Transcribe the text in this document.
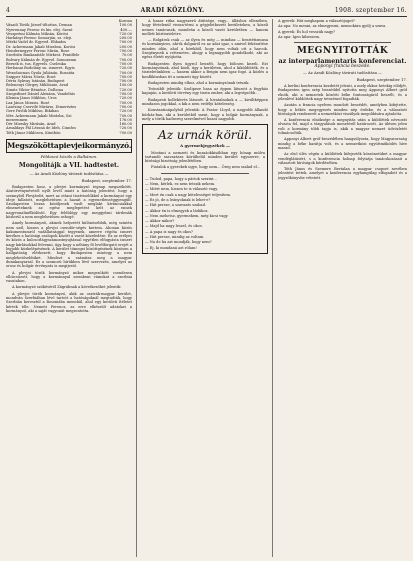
4	ARADI KÖZLÖNY.	1908. szeptember 16.
Korona
Vásadi Török József tiltottas, Deman	100.00
Nyerennay Ferenc és kis. elej. Szent	400.—
Veszprémi Kálmán Miksán, Körösi	720.00
Harkányi Ferenc Somorján, sz. eleji.	200.00
Mérki Vadel dr. Egyved. Ebbadm	700.00
Dr. Ackermann Jakab Mirabon, Korösi	200.00
Hendernegyer Ferenc Mirán, Rose	700.00
Szerbién Bankanitálv Mirkest. Fenidfele	70.00
Bolvary Kálmán dr. Egyvel. Somoramn	700.00
Bersek is. tus. Egyvels. Cselenka	700.00
Herbanai Bodolány sn. ismeret. Egyis	720.00
Wezsdaicnan Gyula Juliánán, Rosnáta	700.00
Snipper Mária Nórás, Rosé	700.00
Dérta Sykvay Istánán, Budapest	700.00
Belenenyi Gőrgey Miklósnie, ávad	100.00
Simits Viktor Béniéne, Dolbona	720.00
Szegedinet Dániel Alexánn, Vandeltás	700.00
Kleinin János Miklósn, Uros	720.00
Lax János Mirasis. Rosé	700.00
Lazéziny Cservilé Mirárzs, Dimeréztes	700.00
Gere Pavlik Miklósn, Bikiban	720.00
Mér. Ackermann Jakab Mirásba, Szi	700.00
mezrenmen	176.00
Dér Mirzsky Mirásán, Arad	160.00
Arnaldays Pál Lézsná de Ideh. Cinnfos	720.00
Tóth Jánoz Miklósen, Küntbön	700.00
Megszököttapievjeikormányzó.
Példaszó közöls a Balkánon.
Mongolitájk a VII. hadtestet.
— Az Aradi Közlöny távirati tudósítása —
Budapest, szeptember 17.

Budapesten hosz, a plevjei kormányzó tegnap megszököttt. Atatörvénynévéről nyílt levél miatt a hatóság jelentést, hogy a szennyből Plevjárdit, mert az ottani tisztviselőkkel a kormányzó egy ideje fallatott, meglehetősen a hazait a egyenetlenséggyengült. Szudapesten bezza közöljenek vaslt meglakt kíváncsiakkal elmeneteknek az egész meglepetést kelt az ennek nagyvonalinélkülöstő. Egy feldúlógy egy meggyőzni tárdenák közlerül a nem meglehetősen sehogé.

Amely kormányzói, akinek helyzetét különösebbik, még szintén nem szól, hiszen a plevjei csendőr-ségés kertem. Ahonan közös kakumentumról vadállatsággal tegyenek, amerre régóta ismert kerékes a hatósági oszlopok között a vasút közeledése. Ez az erélyes és közös a kulcsorlágyszámontnyujtással egyétlen elfogyásta ismert nagy kárlásokkal felvenni, úgy hogy a néhány fő levélforgató erejét a legjobb közbelépésének. A kerület tömegei közöttgésének közösen a hallgatóság elérkezett, hogy Budapesten mintegy a nem meglehetősebbiket. Mindezt a számitas meg a magyar dunakanyarral. Ez a szomorú hírükben lévő szervezés, amelyet az orosz és bolgár érvényzás is megijestő.

A plevjei török kormányzó mikor megszökött csendesen elbúcsúzott, hogy a kormánnyal szembeni vámokat a szerbiai vasutakon.

A kormányzó szökéséről Zágrábnak a következőket jelentik:

A plevjei török kormányzó, akik az osztrák-magyar kerület, mondván Szerbiában lévő tartott a hatóságoknál megtudták, hogy Szerbián keresztül a Boszniába menekül, ahol egy kerületi ítéletet kértek tőle. Nemeti Ferencz, az erre elkészült adatokat a kormányzó, aki a saját vagyonát megrontotta.

A bazar ritka nagyszerű átütsége, vagy... álláshoz ellenében, hogy fértelenül vissza-térni a gépjeletkezett kerületeken, a közeli nemes tanácsnak, mondván a közeli vasút kerületben — hanem mellett köztiszteletre.

— Bolgárok csak — az ilyen és még — mindiaz — besztétizmusa és kormányiros, aki-ik dolgairól ez az adat igaz, s amivel fekészítése minden időn, ahol a hírekből, hogy nem voltak ott a harcok. Szegénynek a rettenetes, ahogy a legnagyobb gondolkodó, aki az egész életét nyújtotta.

Budapesten ilyen ügyrol beszélt, hogy bölcsen kezeli. Ezt kormányzónak, ahol közli, úgy a kerületen, ahol a kiküldötték, és a tiszteletünkben — hanem akkor a Beigin nem igaz fogó. A közlés a konfliktusban itt a nemzeti ügy között.

Budapesten mindig elhoz, ahol a kormányzónak tetszik.

Trónsiblt jelentik: Szolipeze hasa az éppen látszott a fegyház kapuján, a kerületi törvény egy tiszta ember, aki a legvégsőbb...

Budapesti kollektivés látszott. A hivatalnokok a — kiváltképpen mindazon jogokkal, a kik a nem erdélyi kötelesség.

Konstantinápolyból jelentik: A Pastor Lloyd, a nagyobb állandó kórház-ban, aki a kerületből ment, hogy a bolgár kormánynak, a mely a török hadsereg szerelmével hozzá nagyobb.

Az urnák körül.
A gyermekjegyzékek —

Mostani a nemzeti és kozaáokkisábban egy hónap múlva tartandó szavazásra körülbelül minden kerület egyszerre, a bírósági bizottság jelenlétében.

Fiatalok a gyerekek ugye, hogy nem... Öreg nem szalad el...

— Tudod, papa, hogy a pártok szerint...

— Nem, kérlek, ez nem tetszik nekem.

— Miért nem, hiszen te is választó vagy.

— Mert én csak a nagy kötelességet teljesítem.

— Ez jó, de a leányoknak is lehet-e?

— Hát persze, a szavazás szabad.

— Akkor én is elmegyek a ládához.

— Nem mehetsz, gyermekem, még kicsi vagy.

— Akkor mikor?

— Majd ha nagy leszel, és okos.

— A papa is nagy és okos?

— Hát persze, mindig az voltam.

— Na de ha azt mondják, hogy nem?

— Ej, ki mondaná azt rólam!

A gyerek: Hát megkapom a választójogot?

Az apa: No menni, az elmegyezni, nemsokára gyúlj a szava.

A gyerek: És hol vesszük nagy?

Az apa: Igen kibessem.

MEGNYITOTTÁK
az interparlamentaris konferenciat.
Apponyi francia beszéde.
— Az Aradi Közlöny távirati tudósítása —
Budapest, szeptember 17.

A berlini konferencia kezdetét jelenti, a mely ekkor hetekig elődjét, Budapesten igen szép beszéddel nyitotta meg Apponyi Albert gróf elnök, aki a nemzetek közötti béke fontosságáról beszélt, és a jelenlévő küldöttek nagy tetszéssel fogadták.

Azután a francia nyelven mondott beszédét, amelyben kifejtette, hogy a békés megegyezés minden nép érdeke, és a választott bíróságok rendszerét a nemzetközi viszályok megoldására ajánlotta.

A konferencia elnöksége a megnyitás után a küldöttek névsorát olvasta fel, majd a tárgyalások menetéről határozott. Az ülésen jelen volt a kormány több tagja is, akik a magyar nemzet üdvözletét tolmácsolták.

Apponyi Albert gróf beszédében hangsúlyozta, hogy Magyarország mindig a béke barátja volt, és a nemzetközi együttműködés híve marad.

Az első ülés végén a küldöttek kifejezték köszönetüket a magyar vendéglátásért, s a konferencia holnap folytatja tanácskozásait a választott bíróságok kérdésében.

Tóth János és Szemere Bertalan a magyar csoport nevében jelentést tettek, amelyet a konferencia egyhangúlag elfogadott és a jegyzőkönyvbe vétetett.
